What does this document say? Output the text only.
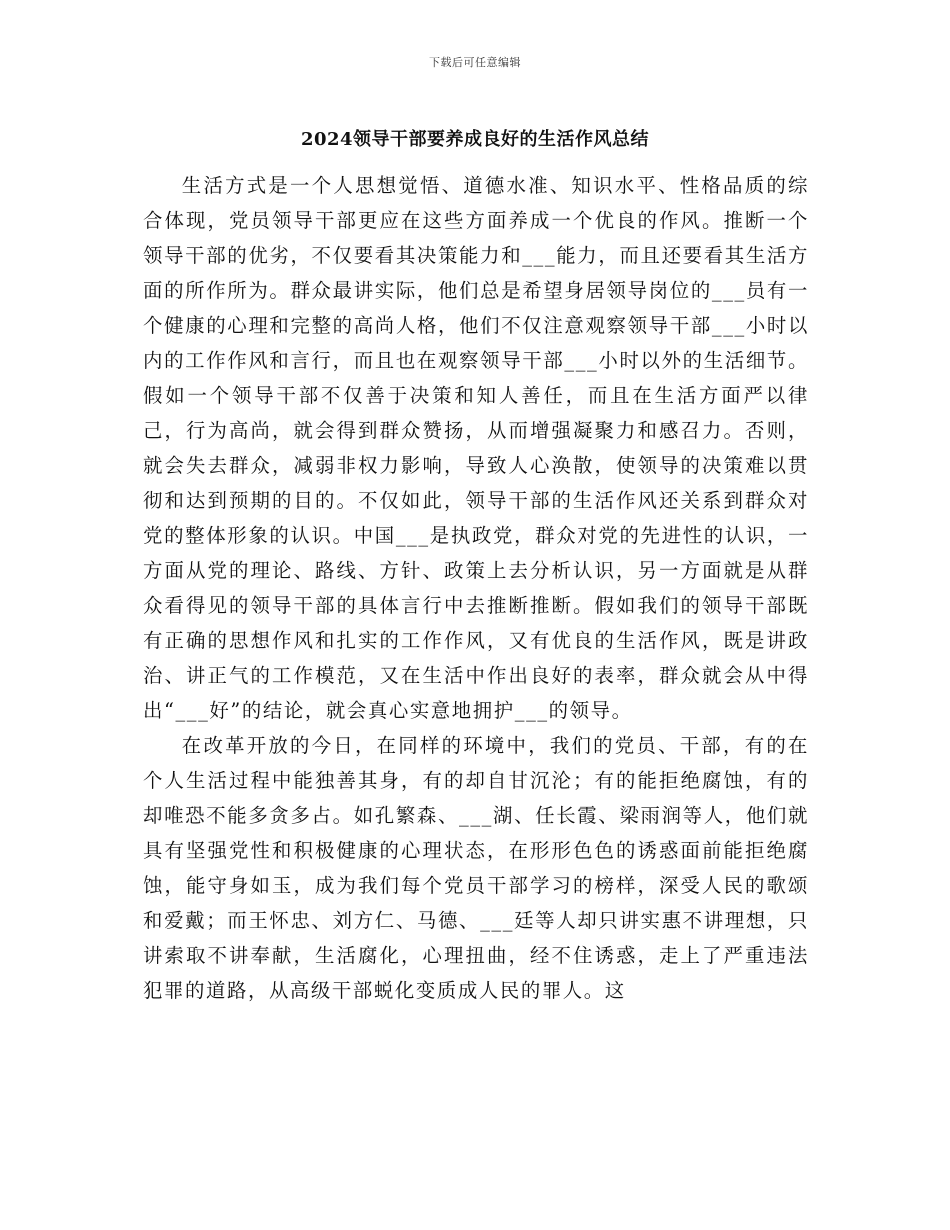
下载后可任意编辑
2024领导干部要养成良好的生活作风总结

生活方式是一个人思想觉悟、道德水准、知识水平、性格品质的综合体现，党员领导干部更应在这些方面养成一个优良的作风。推断一个领导干部的优劣，不仅要看其决策能力和___能力，而且还要看其生活方面的所作所为。群众最讲实际，他们总是希望身居领导岗位的___员有一个健康的心理和完整的高尚人格，他们不仅注意观察领导干部___小时以内的工作作风和言行，而且也在观察领导干部___小时以外的生活细节。假如一个领导干部不仅善于决策和知人善任，而且在生活方面严以律己，行为高尚，就会得到群众赞扬，从而增强凝聚力和感召力。否则，就会失去群众，减弱非权力影响，导致人心涣散，使领导的决策难以贯彻和达到预期的目的。不仅如此，领导干部的生活作风还关系到群众对党的整体形象的认识。中国___是执政党，群众对党的先进性的认识，一方面从党的理论、路线、方针、政策上去分析认识，另一方面就是从群众看得见的领导干部的具体言行中去推断推断。假如我们的领导干部既有正确的思想作风和扎实的工作作风，又有优良的生活作风，既是讲政治、讲正气的工作模范，又在生活中作出良好的表率，群众就会从中得出“___好”的结论，就会真心实意地拥护___的领导。

在改革开放的今日，在同样的环境中，我们的党员、干部，有的在个人生活过程中能独善其身，有的却自甘沉沦；有的能拒绝腐蚀，有的却唯恐不能多贪多占。如孔繁森、___湖、任长霞、梁雨润等人，他们就具有坚强党性和积极健康的心理状态，在形形色色的诱惑面前能拒绝腐蚀，能守身如玉，成为我们每个党员干部学习的榜样，深受人民的歌颂和爱戴；而王怀忠、刘方仁、马德、___廷等人却只讲实惠不讲理想，只讲索取不讲奉献，生活腐化，心理扭曲，经不住诱惑，走上了严重违法犯罪的道路，从高级干部蜕化变质成人民的罪人。这
